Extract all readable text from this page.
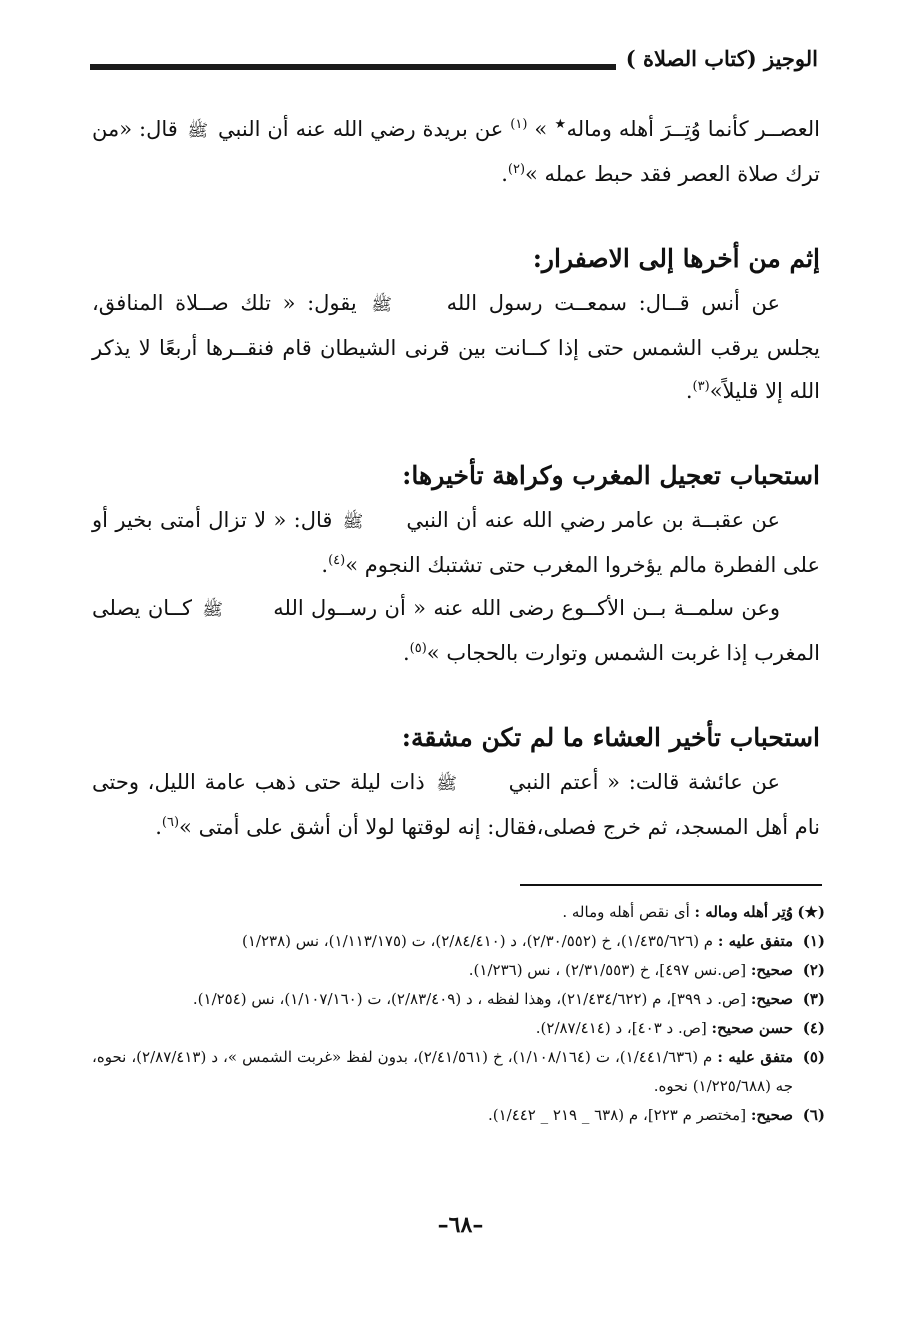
الوجيز (كتاب الصلاة )

العصــر كأنما وُتِــرَ أهله وماله★ » $^{(١)}$ عن بريدة رضي الله عنه أن النبي ﷺ قال: «من ترك صلاة العصر فقد حبط عمله »$^{(٢)}$.

إثم من أخرها إلى الاصفرار:

عن أنس قــال: سمعــت رسول الله ﷺ يقول: « تلك صــلاة المنافق، يجلس يرقب الشمس حتى إذا كــانت بين قرنى الشيطان قام فنقــرها أربعًا لا يذكر الله إلا قليلاً»$^{(٣)}$.

استحباب تعجيل المغرب وكراهة تأخيرها:

عن عقبــة بن عامر رضي الله عنه أن النبيﷺ قال: « لا تزال أمتى بخير أو على الفطرة مالم يؤخروا المغرب حتى تشتبك النجوم »$^{(٤)}$.

وعن سلمــة بــن الأكــوع رضى الله عنه « أن رســول الله ﷺ كــان يصلى المغرب إذا غربت الشمس وتوارت بالحجاب »$^{(٥)}$.

استحباب تأخير العشاء ما لم تكن مشقة:

عن عائشة قالت: « أعتم النبي ﷺ ذات ليلة حتى ذهب عامة الليل، وحتى نام أهل المسجد، ثم خرج فصلى،فقال: إنه لوقتها لولا أن أشق على أمتى »$^{(٦)}$.

(★)
وُتِر أهله وماله : أى نقص أهله وماله .

(١)
متفق عليه : م (١/٤٣٥/٦٢٦)، خ (٢/٣٠/٥٥٢)، د (٢/٨٤/٤١٠)، ت (١/١١٣/١٧٥)، نس (١/٢٣٨)

(٢)
صحيح: [ص.نس ٤٩٧]، خ (٢/٣١/٥٥٣) ، نس (١/٢٣٦).

(٣)
صحيح: [ص. د ٣٩٩]، م (٢١/٤٣٤/٦٢٢)، وهذا لفظه ، د (٢/٨٣/٤٠٩)، ت (١/١٠٧/١٦٠)، نس (١/٢٥٤).

(٤)
حسن صحيح: [ص. د ٤٠٣]، د (٢/٨٧/٤١٤).

(٥)
متفق عليه : م (١/٤٤١/٦٣٦)، ت (١/١٠٨/١٦٤)، خ (٢/٤١/٥٦١)، بدون لفظ «غربت الشمس »، د (٢/٨٧/٤١٣)، نحوه، جه (١/٢٢٥/٦٨٨) نحوه.

(٦)
صحيح: [مختصر م ٢٢٣]، م (٦٣٨ _ ٢١٩ _ ١/٤٤٢).

–٦٨–
